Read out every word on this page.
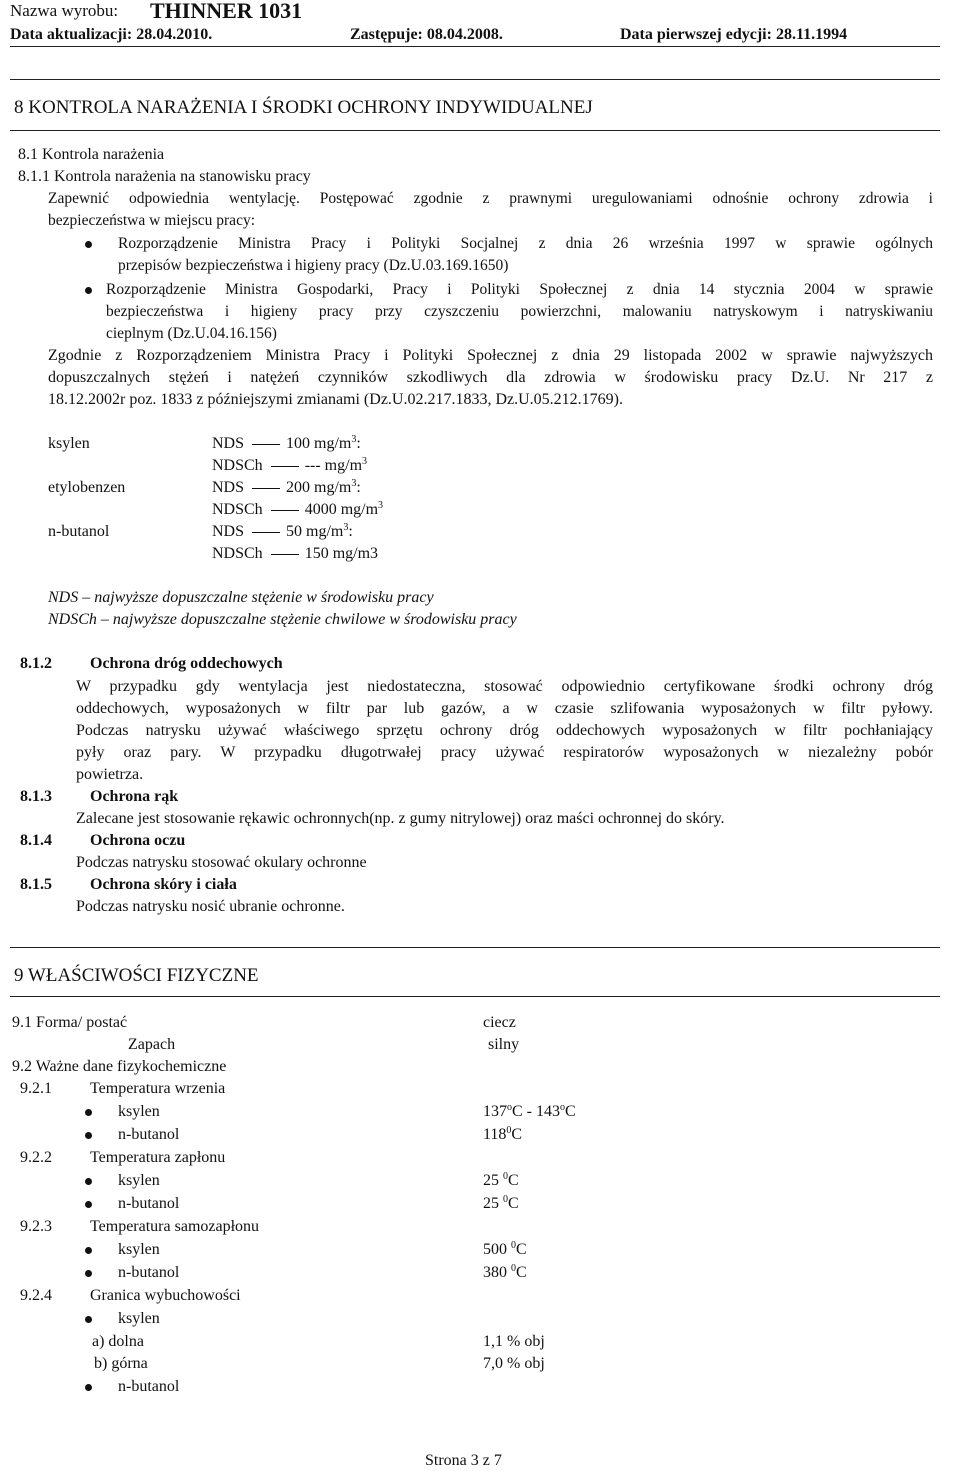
Nazwa wyrobu: THINNER 1031
Data aktualizacji: 28.04.2010.	Zastępuje: 08.04.2008.	Data pierwszej edycji: 28.11.1994
8 KONTROLA NARAŻENIA I ŚRODKI OCHRONY INDYWIDUALNEJ
8.1 Kontrola narażenia
8.1.1 Kontrola narażenia na stanowisku pracy
Zapewnić odpowiednia wentylację. Postępować zgodnie z prawnymi uregulowaniami odnośnie ochrony zdrowia i
bezpieczeństwa w miejscu pracy:
Rozporządzenie Ministra Pracy i Polityki Socjalnej z dnia 26 września 1997 w sprawie ogólnych
przepisów bezpieczeństwa i higieny pracy (Dz.U.03.169.1650)
Rozporządzenie Ministra Gospodarki, Pracy i Polityki Społecznej z dnia 14 stycznia 2004 w sprawie
bezpieczeństwa i higieny pracy przy czyszczeniu powierzchni, malowaniu natryskowym i natryskiwaniu
cieplnym (Dz.U.04.16.156)
Zgodnie z Rozporządzeniem Ministra Pracy i Polityki Społecznej z dnia 29 listopada 2002 w sprawie najwyższych
dopuszczalnych stężeń i natężeń czynników szkodliwych dla zdrowia w środowisku pracy Dz.U. Nr 217 z
18.12.2002r poz. 1833 z późniejszymi zmianami (Dz.U.02.217.1833, Dz.U.05.212.1769).
ksylen	NDS	100 $mg/m^3$:
NDSCh	--- $mg/m^3$
etylobenzen	NDS	200 $mg/m^3$:
NDSCh	4000 $mg/m^3$
n-butanol	NDS	50 $mg/m^3$:
NDSCh	150 mg/m3
NDS – najwyższe dopuszczalne stężenie w środowisku pracy
NDSCh – najwyższe dopuszczalne stężenie chwilowe w środowisku pracy
8.1.2 Ochrona dróg oddechowych
W przypadku gdy wentylacja jest niedostateczna, stosować odpowiednio certyfikowane środki ochrony dróg
oddechowych, wyposażonych w filtr par lub gazów, a w czasie szlifowania wyposażonych w filtr pyłowy.
Podczas natrysku używać właściwego sprzętu ochrony dróg oddechowych wyposażonych w filtr pochłaniający
pyły oraz pary. W przypadku długotrwałej pracy używać respiratorów wyposażonych w niezależny pobór
powietrza.
8.1.3 Ochrona rąk
Zalecane jest stosowanie rękawic ochronnych(np. z gumy nitrylowej) oraz maści ochronnej do skóry.
8.1.4 Ochrona oczu
Podczas natrysku stosować okulary ochronne
8.1.5 Ochrona skóry i ciała
Podczas natrysku nosić ubranie ochronne.
9 WŁAŚCIWOŚCI FIZYCZNE
9.1 Forma/ postać	ciecz
Zapach	silny
9.2 Ważne dane fizykochemiczne
9.2.1 Temperatura wrzenia
ksylen	137$^o$C - 143$^o$C
n-butanol	$118^0C$
9.2.2 Temperatura zapłonu
ksylen	25 $^0$C
n-butanol	25 $^0$C
9.2.3 Temperatura samozapłonu
ksylen	500 $^0$C
n-butanol	380 $^0$C
9.2.4 Granica wybuchowości
ksylen
a) dolna	1,1 % obj
b) górna	7,0 % obj
n-butanol
Strona 3 z 7
